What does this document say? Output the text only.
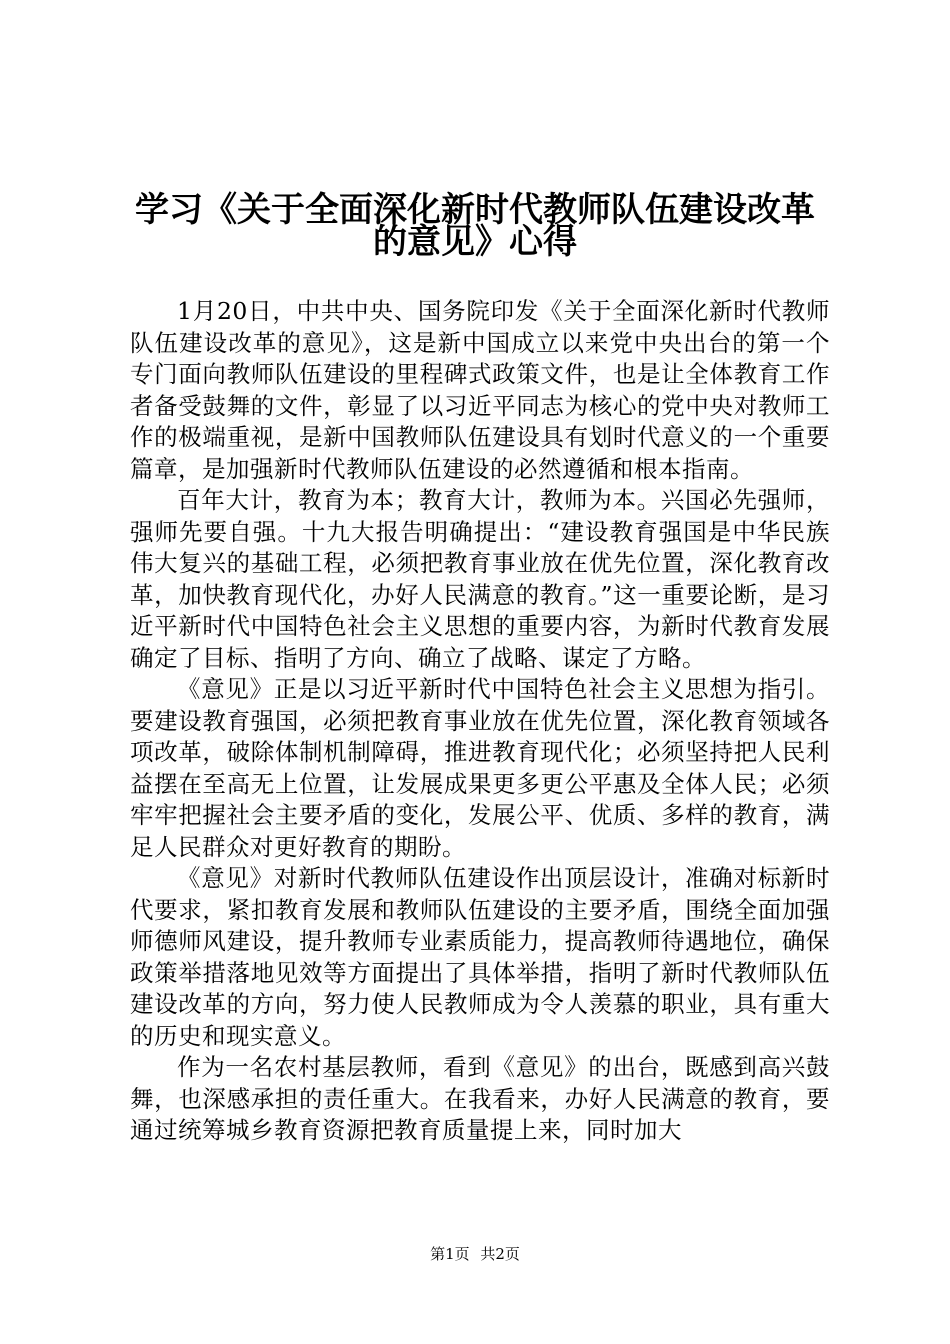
学习《关于全面深化新时代教师队伍建设改革
的意见》心得

1月20日，中共中央、国务院印发《关于全面深化新时代教师队伍建设改革的意见》，这是新中国成立以来党中央出台的第一个专门面向教师队伍建设的里程碑式政策文件，也是让全体教育工作者备受鼓舞的文件，彰显了以习近平同志为核心的党中央对教师工作的极端重视，是新中国教师队伍建设具有划时代意义的一个重要篇章，是加强新时代教师队伍建设的必然遵循和根本指南。

百年大计，教育为本；教育大计，教师为本。兴国必先强师，强师先要自强。十九大报告明确提出：“建设教育强国是中华民族伟大复兴的基础工程，必须把教育事业放在优先位置，深化教育改革，加快教育现代化，办好人民满意的教育。”这一重要论断，是习近平新时代中国特色社会主义思想的重要内容，为新时代教育发展确定了目标、指明了方向、确立了战略、谋定了方略。

《意见》正是以习近平新时代中国特色社会主义思想为指引。要建设教育强国，必须把教育事业放在优先位置，深化教育领域各项改革，破除体制机制障碍，推进教育现代化；必须坚持把人民利益摆在至高无上位置，让发展成果更多更公平惠及全体人民；必须牢牢把握社会主要矛盾的变化，发展公平、优质、多样的教育，满足人民群众对更好教育的期盼。

《意见》对新时代教师队伍建设作出顶层设计，准确对标新时代要求，紧扣教育发展和教师队伍建设的主要矛盾，围绕全面加强师德师风建设，提升教师专业素质能力，提高教师待遇地位，确保政策举措落地见效等方面提出了具体举措，指明了新时代教师队伍建设改革的方向，努力使人民教师成为令人羡慕的职业，具有重大的历史和现实意义。

作为一名农村基层教师，看到《意见》的出台，既感到高兴鼓舞，也深感承担的责任重大。在我看来，办好人民满意的教育，要通过统筹城乡教育资源把教育质量提上来，同时加大

第1页 共2页
